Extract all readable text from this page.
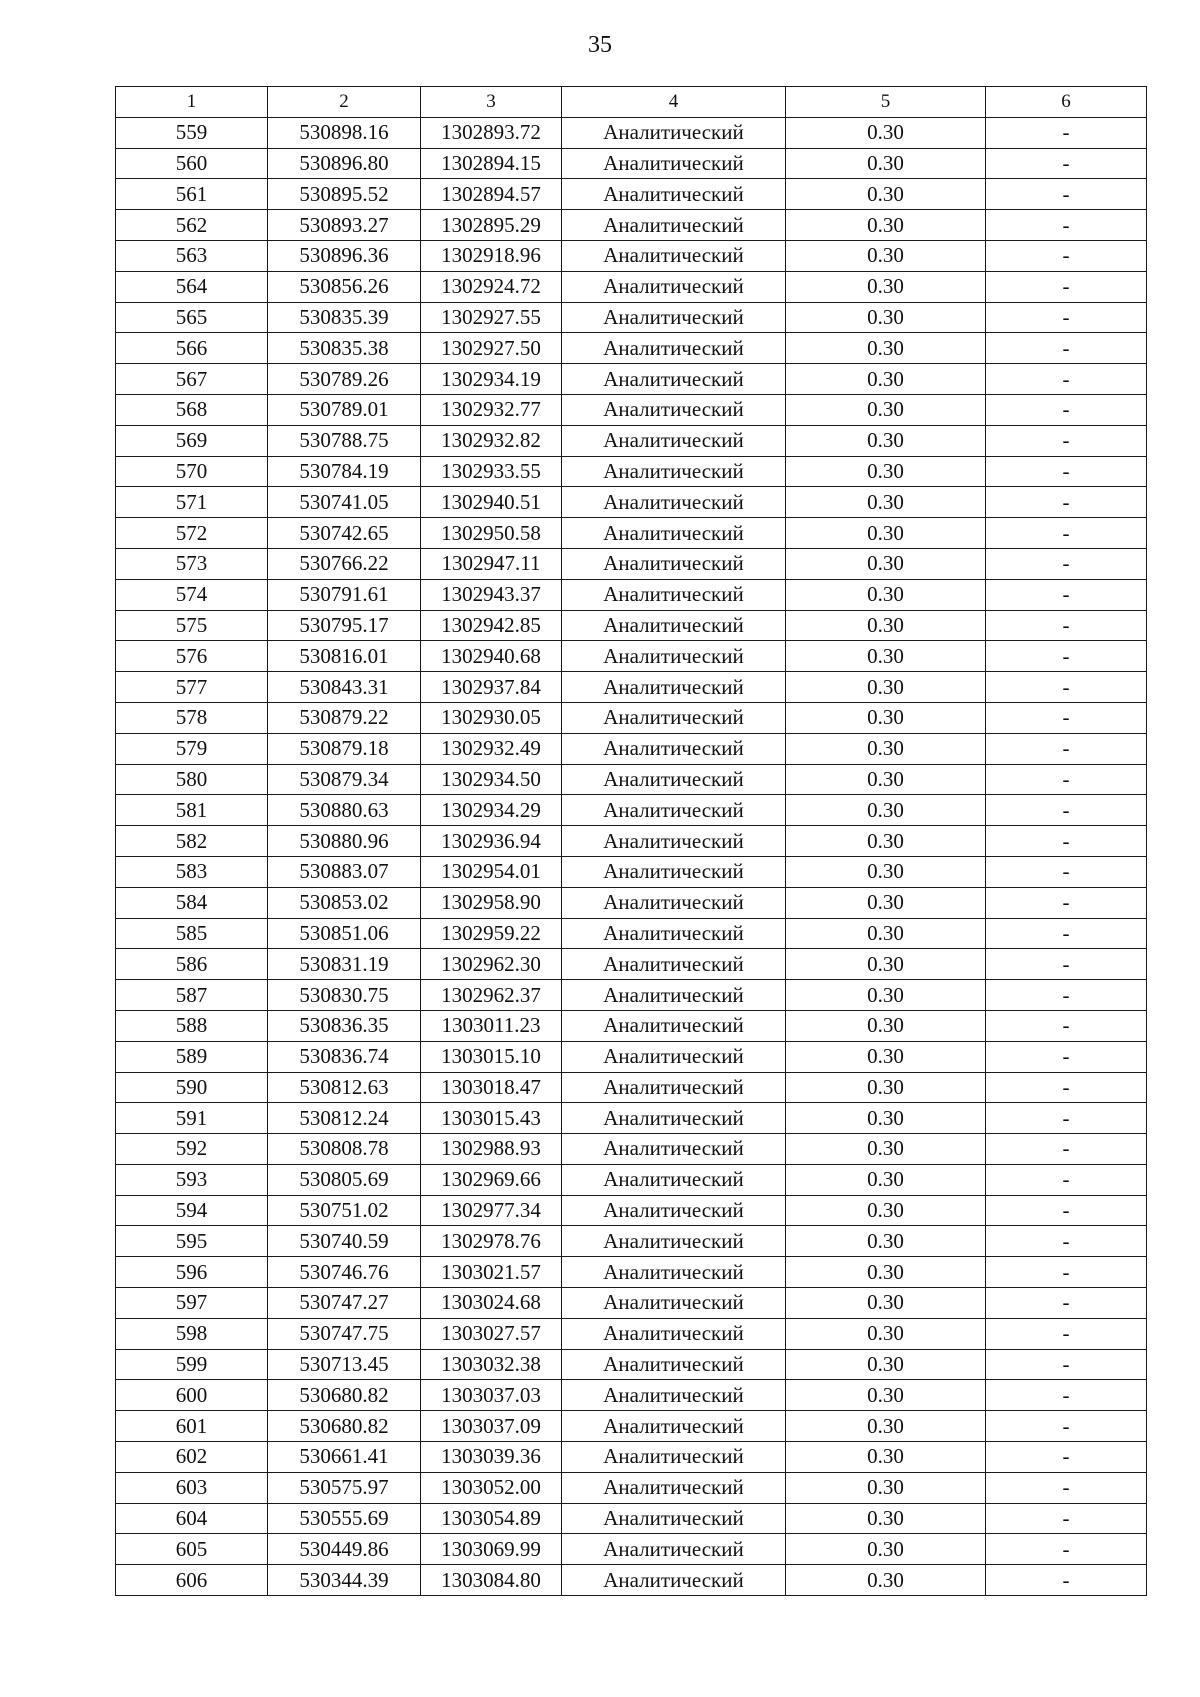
35
1	2	3	4	5	6
559	530898.16	1302893.72	Аналитический	0.30	-
560	530896.80	1302894.15	Аналитический	0.30	-
561	530895.52	1302894.57	Аналитический	0.30	-
562	530893.27	1302895.29	Аналитический	0.30	-
563	530896.36	1302918.96	Аналитический	0.30	-
564	530856.26	1302924.72	Аналитический	0.30	-
565	530835.39	1302927.55	Аналитический	0.30	-
566	530835.38	1302927.50	Аналитический	0.30	-
567	530789.26	1302934.19	Аналитический	0.30	-
568	530789.01	1302932.77	Аналитический	0.30	-
569	530788.75	1302932.82	Аналитический	0.30	-
570	530784.19	1302933.55	Аналитический	0.30	-
571	530741.05	1302940.51	Аналитический	0.30	-
572	530742.65	1302950.58	Аналитический	0.30	-
573	530766.22	1302947.11	Аналитический	0.30	-
574	530791.61	1302943.37	Аналитический	0.30	-
575	530795.17	1302942.85	Аналитический	0.30	-
576	530816.01	1302940.68	Аналитический	0.30	-
577	530843.31	1302937.84	Аналитический	0.30	-
578	530879.22	1302930.05	Аналитический	0.30	-
579	530879.18	1302932.49	Аналитический	0.30	-
580	530879.34	1302934.50	Аналитический	0.30	-
581	530880.63	1302934.29	Аналитический	0.30	-
582	530880.96	1302936.94	Аналитический	0.30	-
583	530883.07	1302954.01	Аналитический	0.30	-
584	530853.02	1302958.90	Аналитический	0.30	-
585	530851.06	1302959.22	Аналитический	0.30	-
586	530831.19	1302962.30	Аналитический	0.30	-
587	530830.75	1302962.37	Аналитический	0.30	-
588	530836.35	1303011.23	Аналитический	0.30	-
589	530836.74	1303015.10	Аналитический	0.30	-
590	530812.63	1303018.47	Аналитический	0.30	-
591	530812.24	1303015.43	Аналитический	0.30	-
592	530808.78	1302988.93	Аналитический	0.30	-
593	530805.69	1302969.66	Аналитический	0.30	-
594	530751.02	1302977.34	Аналитический	0.30	-
595	530740.59	1302978.76	Аналитический	0.30	-
596	530746.76	1303021.57	Аналитический	0.30	-
597	530747.27	1303024.68	Аналитический	0.30	-
598	530747.75	1303027.57	Аналитический	0.30	-
599	530713.45	1303032.38	Аналитический	0.30	-
600	530680.82	1303037.03	Аналитический	0.30	-
601	530680.82	1303037.09	Аналитический	0.30	-
602	530661.41	1303039.36	Аналитический	0.30	-
603	530575.97	1303052.00	Аналитический	0.30	-
604	530555.69	1303054.89	Аналитический	0.30	-
605	530449.86	1303069.99	Аналитический	0.30	-
606	530344.39	1303084.80	Аналитический	0.30	-
